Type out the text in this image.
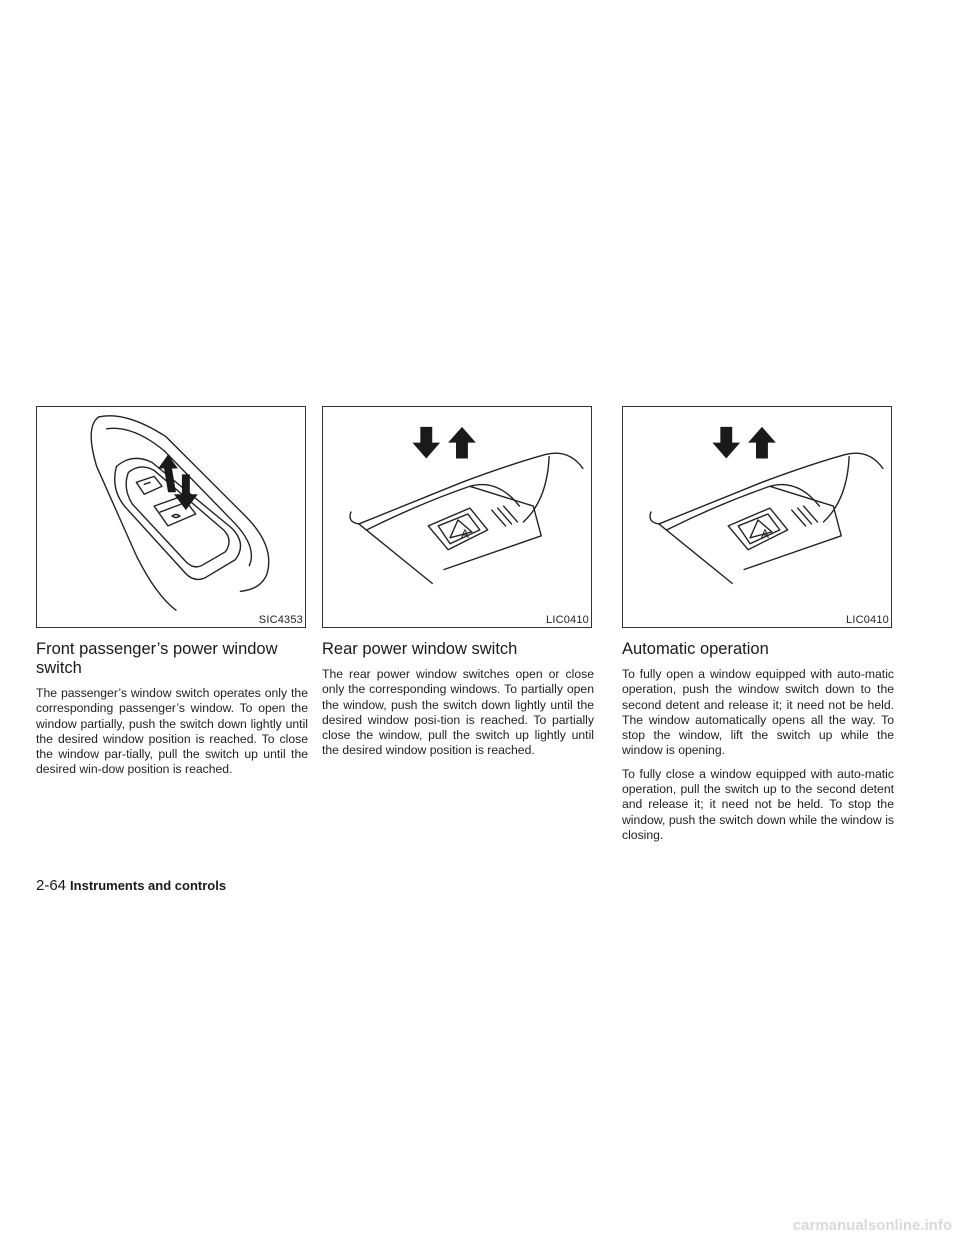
SIC4353
Front passenger’s power window switch

The passenger’s window switch operates only the corresponding passenger’s window. To open the window partially, push the switch down lightly until the desired window position is reached. To close the window par-tially, pull the switch up until the desired win-dow position is reached.

A
LIC0410
Rear power window switch

The rear power window switches open or close only the corresponding windows. To partially open the window, push the switch down lightly until the desired window posi-tion is reached. To partially close the window, pull the switch up lightly until the desired window position is reached.

A
LIC0410
Automatic operation

To fully open a window equipped with auto-matic operation, push the window switch down to the second detent and release it; it need not be held. The window automatically opens all the way. To stop the window, lift the switch up while the window is opening.

To fully close a window equipped with auto-matic operation, pull the switch up to the second detent and release it; it need not be held. To stop the window, push the switch down while the window is closing.

2-64 Instruments and controls
carmanualsonline.info
